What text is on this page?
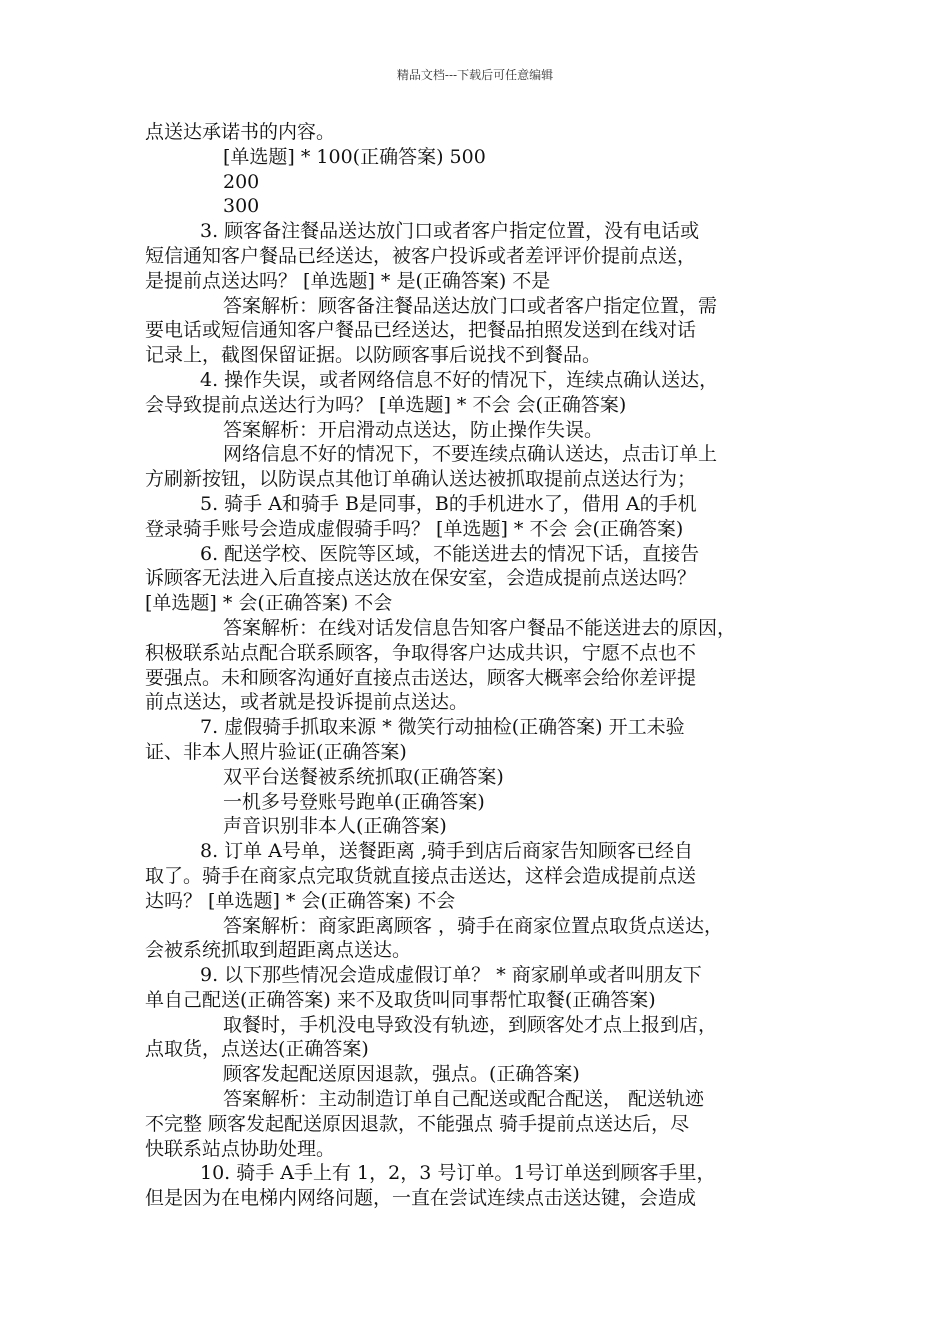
精品文档---下载后可任意编辑
点送达承诺书的内容。
[单选题] * 100(正确答案) 500
200
300
3. 顾客备注餐品送达放门口或者客户指定位置，没有电话或
短信通知客户餐品已经送达，被客户投诉或者差评评价提前点送，
是提前点送达吗？ [单选题] * 是(正确答案) 不是
答案解析：顾客备注餐品送达放门口或者客户指定位置，需
要电话或短信通知客户餐品已经送达，把餐品拍照发送到在线对话
记录上，截图保留证据。以防顾客事后说找不到餐品。
4. 操作失误，或者网络信息不好的情况下，连续点确认送达，
会导致提前点送达行为吗？ [单选题] * 不会 会(正确答案)
答案解析：开启滑动点送达，防止操作失误。
网络信息不好的情况下，不要连续点确认送达，点击订单上
方刷新按钮，以防误点其他订单确认送达被抓取提前点送达行为；
5. 骑手 A和骑手 B是同事，B的手机进水了，借用 A的手机
登录骑手账号会造成虚假骑手吗？ [单选题] * 不会 会(正确答案)
6. 配送学校、医院等区域，不能送进去的情况下话，直接告
诉顾客无法进入后直接点送达放在保安室，会造成提前点送达吗？
[单选题] * 会(正确答案) 不会
答案解析：在线对话发信息告知客户餐品不能送进去的原因，
积极联系站点配合联系顾客，争取得客户达成共识，宁愿不点也不
要强点。未和顾客沟通好直接点击送达，顾客大概率会给你差评提
前点送达，或者就是投诉提前点送达。
7. 虚假骑手抓取来源 * 微笑行动抽检(正确答案) 开工未验
证、非本人照片验证(正确答案)
双平台送餐被系统抓取(正确答案)
一机多号登账号跑单(正确答案)
声音识别非本人(正确答案)
8. 订单 A号单，送餐距离 ,骑手到店后商家告知顾客已经自
取了。骑手在商家点完取货就直接点击送达，这样会造成提前点送
达吗？ [单选题] * 会(正确答案) 不会
答案解析：商家距离顾客 ，骑手在商家位置点取货点送达，
会被系统抓取到超距离点送达。
9. 以下那些情况会造成虚假订单？ * 商家刷单或者叫朋友下
单自己配送(正确答案) 来不及取货叫同事帮忙取餐(正确答案)
取餐时，手机没电导致没有轨迹，到顾客处才点上报到店，
点取货，点送达(正确答案)
顾客发起配送原因退款，强点。(正确答案)
答案解析：主动制造订单自己配送或配合配送， 配送轨迹
不完整 顾客发起配送原因退款，不能强点 骑手提前点送达后，尽
快联系站点协助处理。
10. 骑手 A手上有 1，2，3 号订单。1号订单送到顾客手里，
但是因为在电梯内网络问题，一直在尝试连续点击送达键，会造成
